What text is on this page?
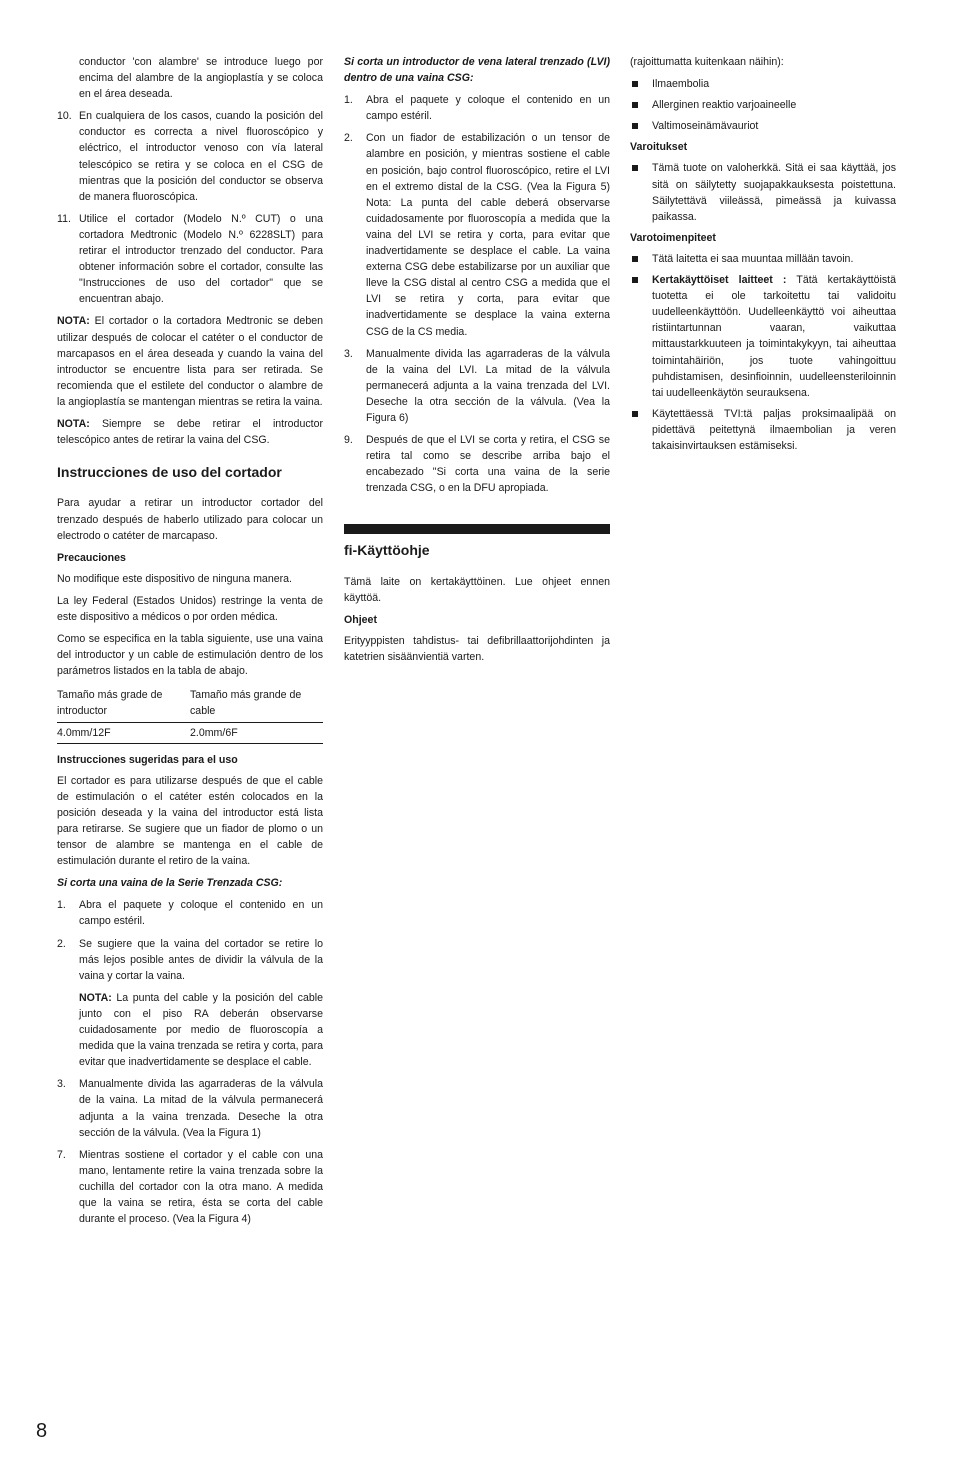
conductor 'con alambre' se introduce luego por encima del alambre de la angioplastía y se coloca en el área deseada.

10. En cualquiera de los casos, cuando la posición del conductor es correcta a nivel fluoroscópico y eléctrico, el introductor venoso con vía lateral telescópico se retira y se coloca en el CSG de mientras que la posición del conductor se observa de manera fluoroscópica.
11. Utilice el cortador (Modelo N.º CUT) o una cortadora Medtronic (Modelo N.º 6228SLT) para retirar el introductor trenzado del conductor. Para obtener información sobre el cortador, consulte las "Instrucciones de uso del cortador" que se encuentran abajo.

NOTA: El cortador o la cortadora Medtronic se deben utilizar después de colocar el catéter o el conductor de marcapasos en el área deseada y cuando la vaina del introductor se encuentre lista para ser retirada. Se recomienda que el estilete del conductor o alambre de la angioplastía se mantengan mientras se retira la vaina.

NOTA: Siempre se debe retirar el introductor telescópico antes de retirar la vaina del CSG.

Instrucciones de uso del cortador

Para ayudar a retirar un introductor cortador del trenzado después de haberlo utilizado para colocar un electrodo o catéter de marcapaso.

Precauciones

No modifique este dispositivo de ninguna manera.

La ley Federal (Estados Unidos) restringe la venta de este dispositivo a médicos o por orden médica.

Como se especifica en la tabla siguiente, use una vaina del introductor y un cable de estimulación dentro de los parámetros listados en la tabla de abajo.

Tamaño más grade de introductor	Tamaño más grande de cable
4.0mm/12F	2.0mm/6F
Instrucciones sugeridas para el uso

El cortador es para utilizarse después de que el cable de estimulación o el catéter estén colocados en la posición deseada y la vaina del introductor está lista para retirarse. Se sugiere que un fiador de plomo o un tensor de alambre se mantenga en el cable de estimulación durante el retiro de la vaina.

Si corta una vaina de la Serie Trenzada CSG:

1. Abra el paquete y coloque el contenido en un campo estéril.
2. Se sugiere que la vaina del cortador se retire lo más lejos posible antes de dividir la válvula de la vaina y cortar la vaina.

NOTA: La punta del cable y la posición del cable junto con el piso RA deberán observarse cuidadosamente por medio de fluoroscopía a medida que la vaina trenzada se retira y corta, para evitar que inadvertidamente se desplace el cable.

3. Manualmente divida las agarraderas de la válvula de la vaina. La mitad de la válvula permanecerá adjunta a la vaina trenzada. Deseche la otra sección de la válvula. (Vea la Figura 1)
7. Mientras sostiene el cortador y el cable con una mano, lentamente retire la vaina trenzada sobre la cuchilla del cortador con la otra mano. A medida que la vaina se retira, ésta se corta del cable durante el proceso. (Vea la Figura 4)

Si corta un introductor de vena lateral trenzado (LVI) dentro de una vaina CSG:

1. Abra el paquete y coloque el contenido en un campo estéril.
2. Con un fiador de estabilización o un tensor de alambre en posición, y mientras sostiene el cable en posición, bajo control fluoroscópico, retire el LVI en el extremo distal de la CSG. (Vea la Figura 5) Nota: La punta del cable deberá observarse cuidadosamente por fluoroscopía a medida que la vaina del LVI se retira y corta, para evitar que inadvertidamente se desplace el cable. La vaina externa CSG debe estabilizarse por un auxiliar que lleve la CSG distal al centro CSG a medida que el LVI se retira y corta, para evitar que inadvertidamente se desplace la vaina externa CSG de la CS media.
3. Manualmente divida las agarraderas de la válvula de la vaina del LVI. La mitad de la válvula permanecerá adjunta a la vaina trenzada del LVI. Deseche la otra sección de la válvula. (Vea la Figura 6)
9. Después de que el LVI se corta y retira, el CSG se retira tal como se describe arriba bajo el encabezado "Si corta una vaina de la serie trenzada CSG, o en la DFU apropiada.
fi-Käyttöohje

Tämä laite on kertakäyttöinen. Lue ohjeet ennen käyttöä.

Ohjeet

Erityyppisten tahdistus- tai defibrillaattorijohdinten ja katetrien sisäänvientiä varten.

(rajoittumatta kuitenkaan näihin):

Ilmaembolia
Allerginen reaktio varjoaineelle
Valtimoseinämävauriot
Varoitukset
Tämä tuote on valoherkkä. Sitä ei saa käyttää, jos sitä on säilytetty suojapakkauksesta poistettuna. Säilytettävä viileässä, pimeässä ja kuivassa paikassa.
Varotoimenpiteet
Tätä laitetta ei saa muuntaa millään tavoin.
Kertakäyttöiset laitteet : Tätä kertakäyttöistä tuotetta ei ole tarkoitettu tai validoitu uudelleenkäyttöön. Uudelleenkäyttö voi aiheuttaa ristiintartunnan vaaran, vaikuttaa mittaustarkkuuteen ja toimintakykyyn, tai aiheuttaa toimintahäiriön, jos tuote vahingoittuu puhdistamisen, desinfioinnin, uudelleensteriloinnin tai uudelleenkäytön seurauksena.
Käytettäessä TVI:tä paljas proksimaalipää on pidettävä peitettynä ilmaembolian ja veren takaisinvirtauksen estämiseksi.
8
